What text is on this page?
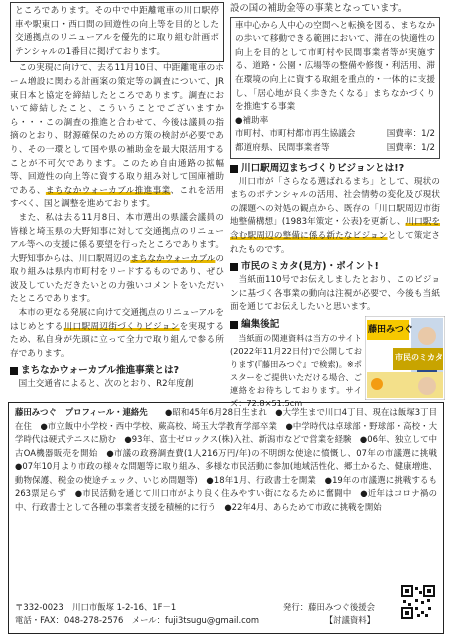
ところであります。その中で中距離電車の川口駅停車や駅東口・西口間の回遊性の向上等を目的とした交通拠点のリニューアルを優先的に取り組む計画ポテンシャルの1番目に掲げております。

この実現に向けて、去る11月10日、中距離電車のホーム増設に関わる計画案の策定等の調査について、JR東日本と協定を締結したところであります。調査において締結したこと、こういうことでございますから・・・この調査の推進と合わせて、今後は議員の指摘のとおり、財源確保のための方策の検討が必要であり、その一環として国や県の補助金を最大限活用することが不可欠であります。このため自由通路の拡幅等、回遊性の向上等に資する取り組み対して国庫補助である、まちなかウォーカブル推進事業、これを活用すべく、国と調整を進めております。

また、私は去る11月8日、本市選出の県議会議員の皆様と埼玉県の大野知事に対して交通拠点のリニューアル等への支援に係る要望を行ったところであります。大野知事からは、川口駅周辺のまちなかウォーカブルの取り組みは県内市町村をリードするものであり、ぜひ波及していただきたいとの力強いコメントをいただいたところであります。

本市の更なる発展に向けて交通拠点のリニューアルをはじめとする川口駅周辺街づくりビジョンを実現するため、私自身が先頭に立って全力で取り組んで参る所存であります。

まちなかウォーカブル推進事業とは?

国土交通省によると、次のとおり、R2年度創

設の国の補助金等の事業となっています。

車中心から人中心の空間へと転換を図る、まちなかの歩いて移動できる範囲において、滞在の快適性の向上を目的として市町村や民間事業者等が実施する、道路・公園・広場等の整備や修復・利活用、滞在環境の向上に資する取組を重点的・一体的に支援し、「居心地が良く歩きたくなる」まちなかづくりを推進する事業

●補助率
市町村、市町村都市再生協議会	国費率：1/2
都道府県、民間事業者等	国費率：1/2

川口駅周辺まちづくりビジョンとは!?

川口市が「さらなる選ばれるまち」として、現状のまちのポテンシャルの活用、社会情勢の変化及び現状の課題への対処の観点から、既存の「川口駅周辺市街地整備構想」(1983年策定・公表)を更新し、川口駅を含む駅周辺の整備に係る新たなビジョンとして策定されたものです。

市民のミカタ(見方)・ポイント!

当紙面110号でお伝えしましたとおり、このビジョンに基づく各事業の動向は注視が必要で、今後も当紙面を通じてお伝えしたいと思います。

編集後記

当紙面の関連資料は当方のサイト(2022年11月22日付)で公開しております(『藤田みつぐ』で検索)。※ポスターをご提供いただける場合、ご連絡をお待ちしております。サイズ：72.8×51.5cm

藤田みつぐ
市民のミカタ
藤田みつぐ プロフィール・連絡先	●昭和45年6月28日生まれ　●大学生まで川口4丁目、現在は飯塚3丁目在住　●市立飯中小学校・西中学校、蕨高校、埼玉大学教育学部卒業　●中学時代は卓球部・野球部・高校・大学時代は硬式テニスに励む　●93年、富士ゼロックス(株)入社、新潟市などで営業を経験　●06年、独立して中古OA機器販売を開始　●市議の政務調査費(1人216万円/年)の不明朗な使途に憤慨し、07年の市議選に挑戦　●07年10月より市政の様々な問題等に取り組み、多様な市民活動に参加(地域活性化、郷土かるた、健康増進、動物保護、税金の使途チェック、いじめ問題等)　●18年1月、行政書士を開業　●19年の市議選に挑戦するも263票足らず　●市民活動を通じて川口市がより良く住みやすい街になるために奮闘中　●近年はコロナ禍の中、行政書士として各種の事業者支援を積極的に行う　●22年4月、あらためて市政に挑戦を開始

〒332-0023　川口市飯塚 1-2-16、1F－1	発行：藤田みつぐ後援会
電話・FAX：048-278-2576　メール：fuji3tsugu@gmail.com	【討議資料】
